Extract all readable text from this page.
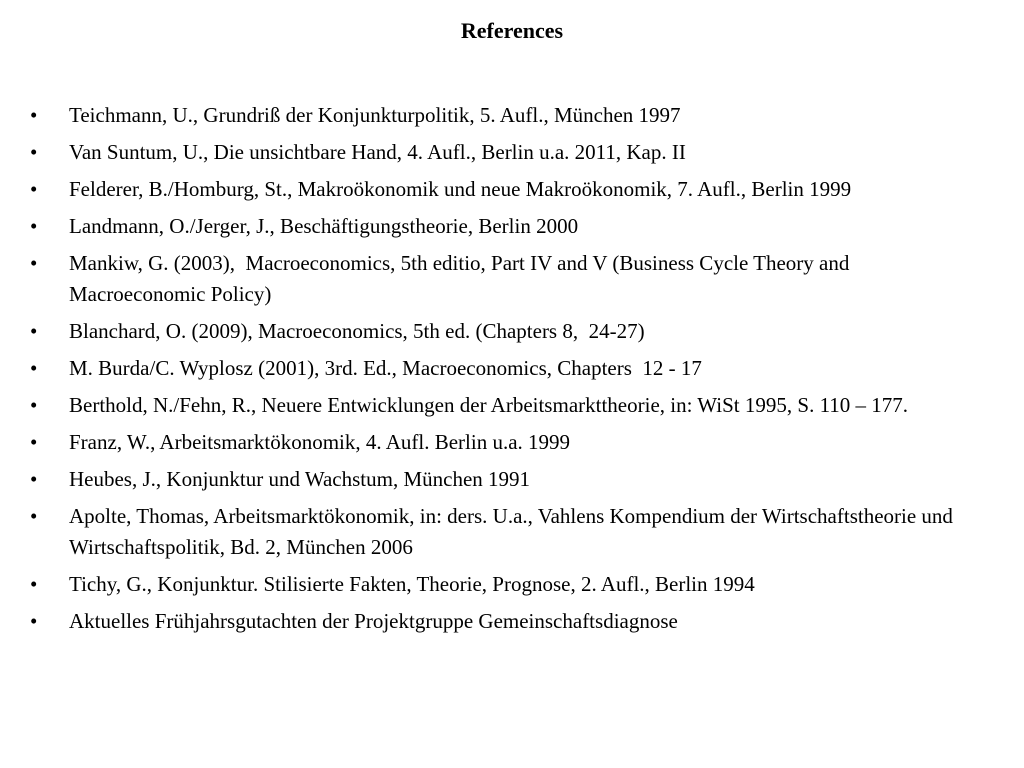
References
•	Teichmann, U., Grundriß der Konjunkturpolitik, 5. Aufl., München 1997
•	Van Suntum, U., Die unsichtbare Hand, 4. Aufl., Berlin u.a. 2011, Kap. II
•	Felderer, B./Homburg, St., Makroökonomik und neue Makroökonomik, 7. Aufl., Berlin 1999
•	Landmann, O./Jerger, J., Beschäftigungstheorie, Berlin 2000
•	Mankiw, G. (2003),  Macroeconomics, 5th editio, Part IV and V (Business Cycle Theory and Macroeconomic Policy)
•	Blanchard, O. (2009), Macroeconomics, 5th ed. (Chapters 8,  24-27)
•	M. Burda/C. Wyplosz (2001), 3rd. Ed., Macroeconomics, Chapters  12 - 17
•	Berthold, N./Fehn, R., Neuere Entwicklungen der Arbeitsmarkttheorie, in: WiSt 1995, S. 110 – 177.
•	Franz, W., Arbeitsmarktökonomik, 4. Aufl. Berlin u.a. 1999
•	Heubes, J., Konjunktur und Wachstum, München 1991
•	Apolte, Thomas, Arbeitsmarktökonomik, in: ders. U.a., Vahlens Kompendium der Wirtschaftstheorie und Wirtschaftspolitik, Bd. 2, München 2006
•	Tichy, G., Konjunktur. Stilisierte Fakten, Theorie, Prognose, 2. Aufl., Berlin 1994
•	Aktuelles Frühjahrsgutachten der Projektgruppe Gemeinschaftsdiagnose
